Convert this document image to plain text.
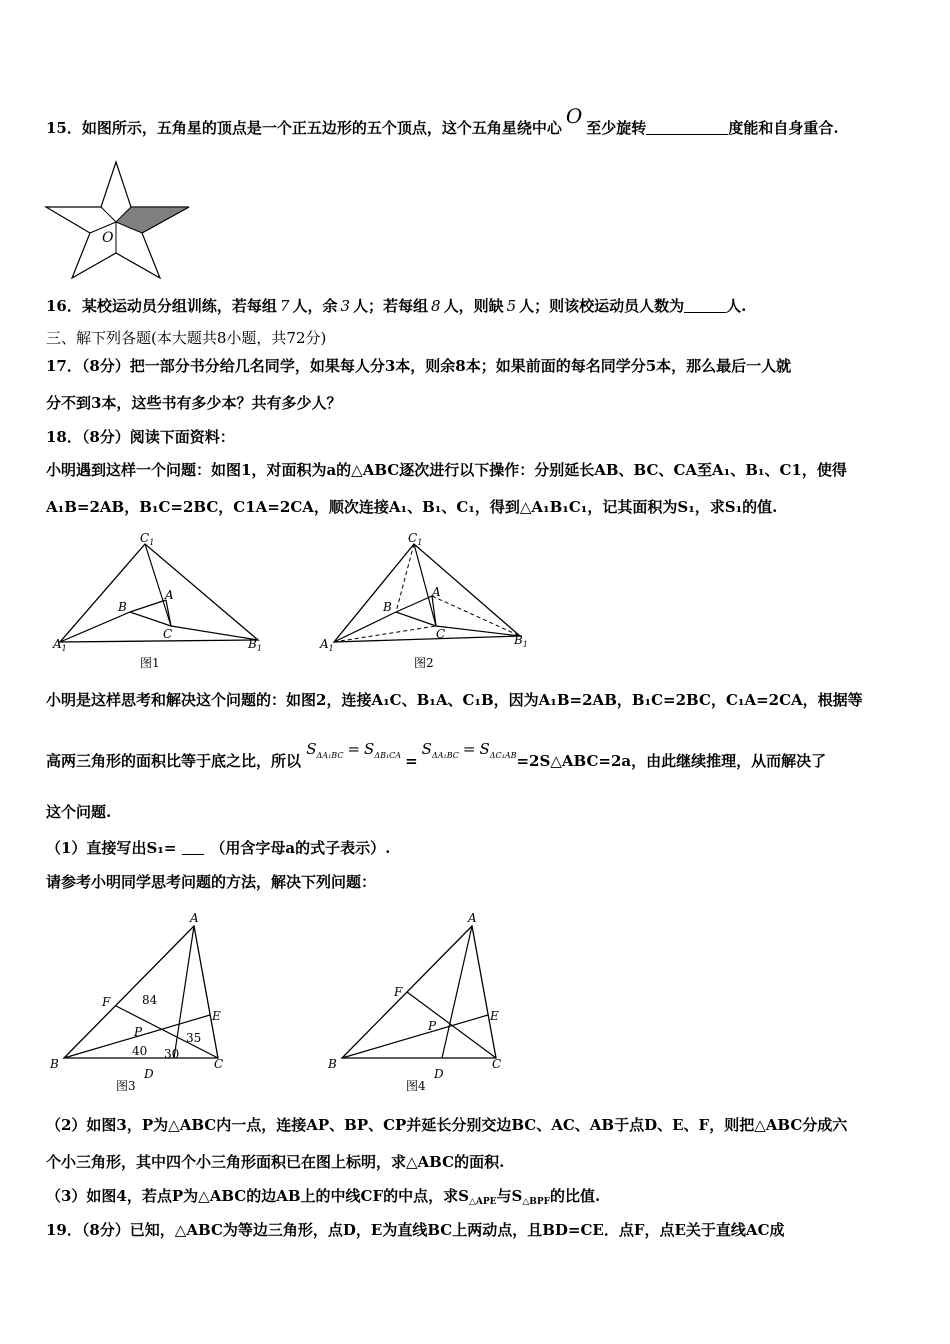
15．如图所示，五角星的顶点是一个正五边形的五个顶点，这个五角星绕中心 O 至少旋转	度能和自身重合.
O
16．某校运动员分组训练，若每组 7 人，余 3 人；若每组 8 人，则缺 5 人；则该校运动员人数为	人.
三、解下列各题(本大题共8小题，共72分)
17．（8分）把一部分书分给几名同学，如果每人分3本，则余8本；如果前面的每名同学分5本，那么最后一人就
分不到3本，这些书有多少本？共有多少人？
18．（8分）阅读下面资料：
小明遇到这样一个问题：如图1，对面积为a的△ABC逐次进行以下操作：分别延长AB、BC、CA至A₁、B₁、C1，使得
A₁B=2AB，B₁C=2BC，C1A=2CA，顺次连接A₁、B₁、C₁，得到△A₁B₁C₁，记其面积为S₁，求S₁的值.
$A_1$	$B_1$
$C_1$
A
B
C
图1
$A_1$
$B_1$
$C_1$
A
B
C
图2
小明是这样思考和解决这个问题的：如图2，连接A₁C、B₁A、C₁B，因为A₁B=2AB，B₁C=2BC，C₁A=2CA，根据等
高两三角形的面积比等于底之比，所以 $S_{\Delta A_1BC} = S_{\Delta B_1CA} =S_{\Delta A_1BC}$ = $S_{\Delta C_1AB}=2S\triangle ABC=2a$，由此继续推理，从而解决了
这个问题.
（1）直接写出S₁= （用含字母a的式子表示）.
请参考小明同学思考问题的方法，解决下列问题：
A
B	C
D
E
F
P
84
35
40 30
图3
A
B	C
D
E
F
P
图4
（2）如图3，P为△ABC内一点，连接AP、BP、CP并延长分别交边BC、AC、AB于点D、E、F，则把△ABC分成六
个小三角形，其中四个小三角形面积已在图上标明，求△ABC的面积.
（3）如图4，若点P为△ABC的边AB上的中线CF的中点，求$S_{\triangle APE}$与$S_{\triangle BPF}$的比值.
19．（8分）已知，△ABC为等边三角形，点D，E为直线BC上两动点，且BD=CE．点F，点E关于直线AC成
